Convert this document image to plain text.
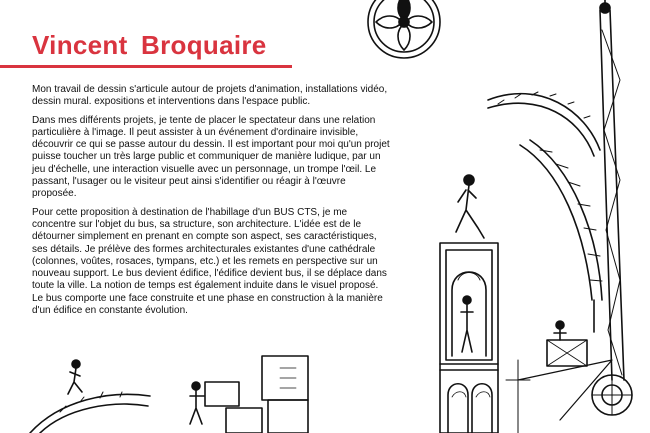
Vincent Broquaire

Mon travail de dessin s'articule autour de projets d'animation, installations vidéo, dessin mural. expositions et interventions dans l'espace public.

Dans mes différents projets, je tente de placer le spectateur dans une relation particulière à l'image. Il peut assister à un événement d'ordinaire invisible, découvrir ce qui se passe autour du dessin. Il est important pour moi qu'un projet puisse toucher un très large public et communiquer de manière ludique, par un jeu d'échelle, une interaction visuelle avec un personnage, un trompe l'œil. Le passant, l'usager ou le visiteur peut ainsi s'identifier ou réagir à l'œuvre proposée.

Pour cette proposition à destination de l'habillage d'un BUS CTS, je me concentre sur l'objet du bus, sa structure, son architecture. L'idée est de le détourner simplement en prenant en compte son aspect, ses caractéristiques, ses détails. Je prélève des formes architecturales existantes d'une cathédrale (colonnes, voûtes, rosaces, tympans, etc.) et les remets en perspective sur un nouveau support. Le bus devient édifice, l'édifice devient bus, il se déplace dans toute la ville. La notion de temps est également induite dans le visuel proposé. Le bus comporte une face construite et une phase en construction à la manière d'un édifice en constante évolution.
